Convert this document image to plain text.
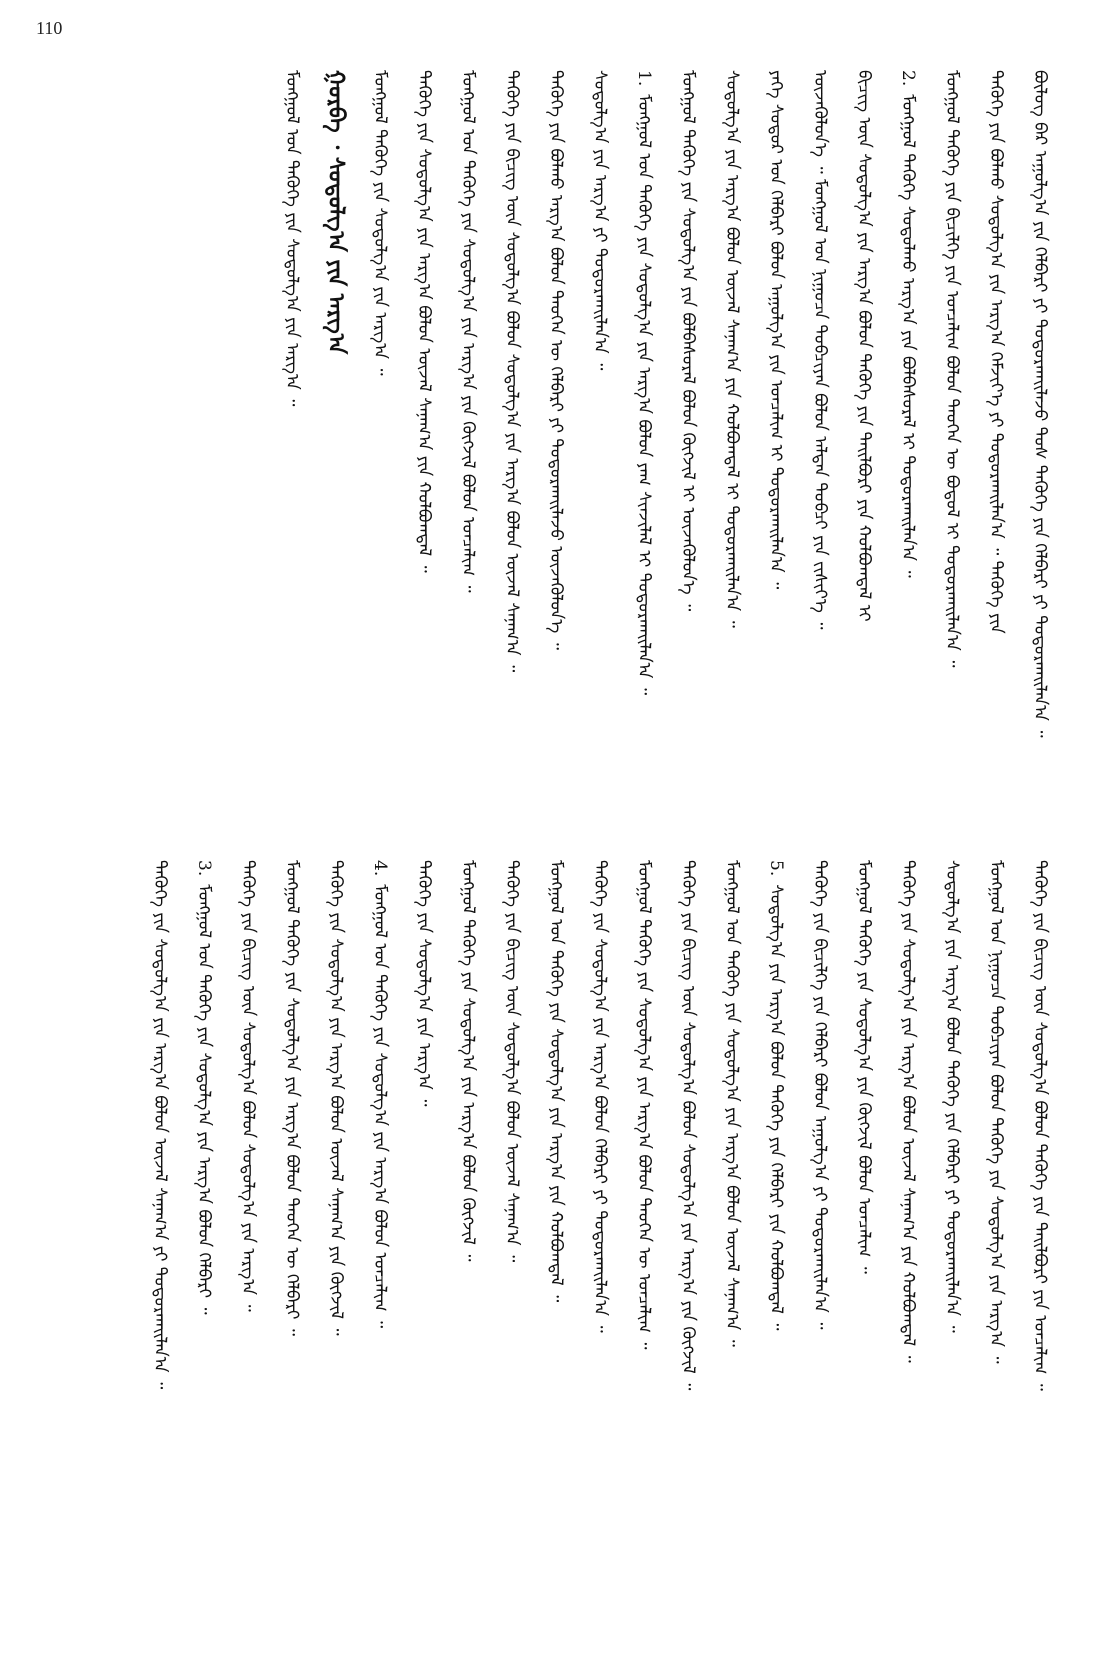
110
ᠪᠦᠯᠦᠭ ᠪᠠᠷ ᠠᠭᠤᠯᠭ᠎ᠠ ᠶᠢᠨ ᠬᠡᠯᠪᠡᠷᠢ ᠶᠢ ᠲᠣᠳᠣᠷᠬᠠᠢᠯᠠᠵᠤ ᠲᠤᠰ ᠲᠡᠭᠦᠬᠡ ᠶᠢᠨ ᠬᠡᠯᠪᠡᠷᠢ ᠶᠢ ᠲᠣᠳᠣᠷᠬᠠᠢᠯᠠᠨ᠎ᠠ ᠃
ᠲᠡᠭᠦᠬᠡ ᠶᠢᠨ ᠪᠣᠯᠬᠣ ᠰᠤᠳᠤᠯᠭ᠎ᠠ ᠶᠢᠨ ᠠᠷᠭ᠎ᠠ ᠬᠡᠮᠵᠢᠶ᠎ᠡ ᠶᠢ ᠲᠣᠳᠣᠷᠬᠠᠢᠯᠠᠨ᠎ᠠ ᠃ ᠲᠡᠭᠦᠬᠡ ᠶᠢᠨ
ᠮᠣᠩᠭᠣᠯ ᠲᠡᠭᠦᠬᠡ ᠶᠢᠨ ᠪᠢᠴᠢᠯᠭᠡ ᠶᠢᠨ ᠣᠨᠴᠠᠯᠢᠭ ᠪᠣᠯᠤᠨ ᠲᠡᠦᠬᠡᠨ ᠦ ᠪᠣᠳᠤᠯ ᠢ ᠲᠣᠳᠣᠷᠬᠠᠢᠯᠠᠨ᠎ᠠ ᠃
2.ᠮᠣᠩᠭᠣᠯ ᠲᠡᠭᠦᠬᠡ ᠰᠤᠳᠤᠯᠬᠤ ᠠᠷᠭ᠎ᠠ ᠶᠢᠨ ᠪᠣᠯᠪᠠᠰᠤᠷᠠᠯ ᠢ ᠲᠣᠳᠣᠷᠬᠠᠢᠯᠠᠨ᠎ᠠ ᠃
ᠪᠢᠴᠢᠭ ᠦᠨ ᠰᠤᠳᠤᠯᠭ᠎ᠠ ᠶᠢᠨ ᠠᠷᠭ᠎ᠠ ᠪᠣᠯᠤᠨ ᠲᠡᠭᠦᠬᠡ ᠶᠢᠨ ᠲᠠᠢᠯᠪᠤᠷᠢ ᠶᠢᠨ ᠬᠣᠯᠪᠣᠭᠳᠠᠯ ᠢ
ᠦᠵᠡᠭᠦᠯᠦᠨ᠎ᠡ ᠃ ᠮᠣᠩᠭᠣᠯ ᠤᠨ ᠨᠢᠭᠤᠴᠠ ᠲᠣᠪᠴᠢᠶᠠᠨ ᠪᠣᠯᠤᠨ ᠠᠯᠲᠠᠨ ᠲᠣᠪᠴᠢ ᠶᠢᠨ ᠵᠢᠱᠢᠶ᠎ᠡ ᠃
ᠶᠡᠬᠡ ᠰᠤᠳᠤᠷ ᠤᠨ ᠬᠡᠯᠪᠡᠷᠢ ᠪᠣᠯᠤᠨ ᠠᠭᠤᠯᠭ᠎ᠠ ᠶᠢᠨ ᠣᠨᠴᠠᠯᠢᠭ ᠢ ᠲᠣᠳᠣᠷᠬᠠᠢᠯᠠᠨ᠎ᠠ ᠃
ᠰᠤᠳᠤᠯᠭ᠎ᠠ ᠶᠢᠨ ᠠᠷᠭ᠎ᠠ ᠪᠣᠯᠤᠨ ᠦᠵᠡᠯ ᠰᠠᠨᠠᠭ᠎ᠠ ᠶᠢᠨ ᠬᠣᠯᠪᠣᠭᠳᠠᠯ ᠢ ᠲᠣᠳᠣᠷᠬᠠᠢᠯᠠᠨ᠎ᠠ ᠃
ᠮᠣᠩᠭᠣᠯ ᠲᠡᠭᠦᠬᠡ ᠶᠢᠨ ᠰᠤᠳᠤᠯᠭ᠎ᠠ ᠶᠢᠨ ᠪᠣᠯᠪᠠᠰᠤᠷᠠᠯ ᠪᠣᠯᠤᠨ ᠬᠦᠭᠵᠢᠯ ᠢ ᠦᠵᠡᠭᠦᠯᠦᠨ᠎ᠡ ᠃
1.ᠮᠣᠩᠭᠣᠯ ᠤᠨ ᠲᠡᠭᠦᠬᠡ ᠶᠢᠨ ᠰᠤᠳᠤᠯᠭ᠎ᠠ ᠶᠢᠨ ᠠᠷᠭ᠎ᠠ ᠪᠣᠯᠤᠨ ᠶᠠᠭ ᠰᠢᠨᠵᠢᠯᠡᠯ ᠢ ᠲᠣᠳᠣᠷᠬᠠᠢᠯᠠᠨ᠎ᠠ ᠃
ᠰᠤᠳᠤᠯᠭ᠎ᠠ ᠶᠢᠨ ᠠᠷᠭ᠎ᠠ ᠶᠢ ᠲᠣᠳᠣᠷᠬᠠᠢᠯᠠᠨ᠎ᠠ ᠃
ᠲᠡᠭᠦᠬᠡ ᠶᠢᠨ ᠪᠣᠯᠬᠤ ᠠᠷᠭ᠎ᠠ ᠪᠣᠯᠤᠨ ᠲᠡᠦᠬᠡᠨ ᠦ ᠬᠡᠯᠪᠡᠷᠢ ᠶᠢ ᠲᠣᠳᠣᠷᠬᠠᠢᠯᠠᠵᠤ ᠦᠵᠡᠭᠦᠯᠦᠨ᠎ᠡ ᠃
ᠲᠡᠭᠦᠬᠡ ᠶᠢᠨ ᠪᠢᠴᠢᠭ ᠦᠨ ᠰᠤᠳᠤᠯᠭ᠎ᠠ ᠪᠣᠯᠤᠨ ᠰᠤᠳᠤᠯᠭ᠎ᠠ ᠶᠢᠨ ᠠᠷᠭ᠎ᠠ ᠪᠣᠯᠤᠨ ᠦᠵᠡᠯ ᠰᠠᠨᠠᠭ᠎ᠠ ᠃
ᠮᠣᠩᠭᠣᠯ ᠤᠨ ᠲᠡᠭᠦᠬᠡ ᠶᠢᠨ ᠰᠤᠳᠤᠯᠭ᠎ᠠ ᠶᠢᠨ ᠠᠷᠭ᠎ᠠ ᠶᠢᠨ ᠬᠦᠭᠵᠢᠯ ᠪᠣᠯᠤᠨ ᠣᠨᠴᠠᠯᠢᠭ ᠃
ᠲᠡᠭᠦᠬᠡ ᠶᠢᠨ ᠰᠤᠳᠤᠯᠭ᠎ᠠ ᠶᠢᠨ ᠠᠷᠭ᠎ᠠ ᠪᠣᠯᠤᠨ ᠦᠵᠡᠯ ᠰᠠᠨᠠᠭ᠎ᠠ ᠶᠢᠨ ᠬᠣᠯᠪᠣᠭᠳᠠᠯ ᠃
ᠮᠣᠩᠭᠣᠯ ᠲᠡᠭᠦᠬᠡ ᠶᠢᠨ ᠰᠤᠳᠤᠯᠭ᠎ᠠ ᠶᠢᠨ ᠠᠷᠭ᠎ᠠ ᠃
ᠭᠤᠷᠪᠠ ᠂ ᠰᠤᠳᠤᠯᠭ᠎ᠠ ᠶᠢᠨ ᠠᠷᠭ᠎ᠠ
ᠮᠣᠩᠭᠣᠯ ᠤᠨ ᠲᠡᠭᠦᠬᠡ ᠶᠢᠨ ᠰᠤᠳᠤᠯᠭ᠎ᠠ ᠶᠢᠨ ᠠᠷᠭ᠎ᠠ ᠃
ᠲᠡᠭᠦᠬᠡ ᠶᠢᠨ ᠪᠢᠴᠢᠭ ᠦᠨ ᠰᠤᠳᠤᠯᠭ᠎ᠠ ᠪᠣᠯᠤᠨ ᠲᠡᠭᠦᠬᠡ ᠶᠢᠨ ᠲᠠᠢᠯᠪᠤᠷᠢ ᠶᠢᠨ ᠣᠨᠴᠠᠯᠢᠭ ᠃
ᠮᠣᠩᠭᠣᠯ ᠤᠨ ᠨᠢᠭᠤᠴᠠ ᠲᠣᠪᠴᠢᠶᠠᠨ ᠪᠣᠯᠤᠨ ᠲᠡᠭᠦᠬᠡ ᠶᠢᠨ ᠰᠤᠳᠤᠯᠭ᠎ᠠ ᠶᠢᠨ ᠠᠷᠭ᠎ᠠ ᠃
ᠰᠤᠳᠤᠯᠭ᠎ᠠ ᠶᠢᠨ ᠠᠷᠭ᠎ᠠ ᠪᠣᠯᠤᠨ ᠲᠡᠭᠦᠬᠡ ᠶᠢᠨ ᠬᠡᠯᠪᠡᠷᠢ ᠶᠢ ᠲᠣᠳᠣᠷᠬᠠᠢᠯᠠᠨ᠎ᠠ ᠃
ᠲᠡᠭᠦᠬᠡ ᠶᠢᠨ ᠰᠤᠳᠤᠯᠭ᠎ᠠ ᠶᠢᠨ ᠠᠷᠭ᠎ᠠ ᠪᠣᠯᠤᠨ ᠦᠵᠡᠯ ᠰᠠᠨᠠᠭ᠎ᠠ ᠶᠢᠨ ᠬᠣᠯᠪᠣᠭᠳᠠᠯ ᠃
ᠮᠣᠩᠭᠣᠯ ᠲᠡᠭᠦᠬᠡ ᠶᠢᠨ ᠰᠤᠳᠤᠯᠭ᠎ᠠ ᠶᠢᠨ ᠬᠦᠭᠵᠢᠯ ᠪᠣᠯᠤᠨ ᠣᠨᠴᠠᠯᠢᠭ ᠃
ᠲᠡᠭᠦᠬᠡ ᠶᠢᠨ ᠪᠢᠴᠢᠯᠭᠡ ᠶᠢᠨ ᠬᠡᠯᠪᠡᠷᠢ ᠪᠣᠯᠤᠨ ᠠᠭᠤᠯᠭ᠎ᠠ ᠶᠢ ᠲᠣᠳᠣᠷᠬᠠᠢᠯᠠᠨ᠎ᠠ ᠃
5.ᠰᠤᠳᠤᠯᠭ᠎ᠠ ᠶᠢᠨ ᠠᠷᠭ᠎ᠠ ᠪᠣᠯᠤᠨ ᠲᠡᠭᠦᠬᠡ ᠶᠢᠨ ᠬᠡᠯᠪᠡᠷᠢ ᠶᠢᠨ ᠬᠣᠯᠪᠣᠭᠳᠠᠯ ᠃
ᠮᠣᠩᠭᠣᠯ ᠤᠨ ᠲᠡᠭᠦᠬᠡ ᠶᠢᠨ ᠰᠤᠳᠤᠯᠭ᠎ᠠ ᠶᠢᠨ ᠠᠷᠭ᠎ᠠ ᠪᠣᠯᠤᠨ ᠦᠵᠡᠯ ᠰᠠᠨᠠᠭ᠎ᠠ ᠃
ᠲᠡᠭᠦᠬᠡ ᠶᠢᠨ ᠪᠢᠴᠢᠭ ᠦᠨ ᠰᠤᠳᠤᠯᠭ᠎ᠠ ᠪᠣᠯᠤᠨ ᠰᠤᠳᠤᠯᠭ᠎ᠠ ᠶᠢᠨ ᠠᠷᠭ᠎ᠠ ᠶᠢᠨ ᠬᠦᠭᠵᠢᠯ ᠃
ᠮᠣᠩᠭᠣᠯ ᠲᠡᠭᠦᠬᠡ ᠶᠢᠨ ᠰᠤᠳᠤᠯᠭ᠎ᠠ ᠶᠢᠨ ᠠᠷᠭ᠎ᠠ ᠪᠣᠯᠤᠨ ᠲᠡᠦᠬᠡᠨ ᠦ ᠣᠨᠴᠠᠯᠢᠭ ᠃
ᠲᠡᠭᠦᠬᠡ ᠶᠢᠨ ᠰᠤᠳᠤᠯᠭ᠎ᠠ ᠶᠢᠨ ᠠᠷᠭ᠎ᠠ ᠪᠣᠯᠤᠨ ᠬᠡᠯᠪᠡᠷᠢ ᠶᠢ ᠲᠣᠳᠣᠷᠬᠠᠢᠯᠠᠨ᠎ᠠ ᠃
ᠮᠣᠩᠭᠣᠯ ᠤᠨ ᠲᠡᠭᠦᠬᠡ ᠶᠢᠨ ᠰᠤᠳᠤᠯᠭ᠎ᠠ ᠶᠢᠨ ᠠᠷᠭ᠎ᠠ ᠶᠢᠨ ᠬᠣᠯᠪᠣᠭᠳᠠᠯ ᠃
ᠲᠡᠭᠦᠬᠡ ᠶᠢᠨ ᠪᠢᠴᠢᠭ ᠦᠨ ᠰᠤᠳᠤᠯᠭ᠎ᠠ ᠪᠣᠯᠤᠨ ᠦᠵᠡᠯ ᠰᠠᠨᠠᠭ᠎ᠠ ᠃
ᠮᠣᠩᠭᠣᠯ ᠲᠡᠭᠦᠬᠡ ᠶᠢᠨ ᠰᠤᠳᠤᠯᠭ᠎ᠠ ᠶᠢᠨ ᠠᠷᠭ᠎ᠠ ᠪᠣᠯᠤᠨ ᠬᠦᠭᠵᠢᠯ ᠃
ᠲᠡᠭᠦᠬᠡ ᠶᠢᠨ ᠰᠤᠳᠤᠯᠭ᠎ᠠ ᠶᠢᠨ ᠠᠷᠭ᠎ᠠ ᠃
4.ᠮᠣᠩᠭᠣᠯ ᠤᠨ ᠲᠡᠭᠦᠬᠡ ᠶᠢᠨ ᠰᠤᠳᠤᠯᠭ᠎ᠠ ᠶᠢᠨ ᠠᠷᠭ᠎ᠠ ᠪᠣᠯᠤᠨ ᠣᠨᠴᠠᠯᠢᠭ ᠃
ᠲᠡᠭᠦᠬᠡ ᠶᠢᠨ ᠰᠤᠳᠤᠯᠭ᠎ᠠ ᠶᠢᠨ ᠠᠷᠭ᠎ᠠ ᠪᠣᠯᠤᠨ ᠦᠵᠡᠯ ᠰᠠᠨᠠᠭ᠎ᠠ ᠶᠢᠨ ᠬᠦᠭᠵᠢᠯ ᠃
ᠮᠣᠩᠭᠣᠯ ᠲᠡᠭᠦᠬᠡ ᠶᠢᠨ ᠰᠤᠳᠤᠯᠭ᠎ᠠ ᠶᠢᠨ ᠠᠷᠭ᠎ᠠ ᠪᠣᠯᠤᠨ ᠲᠡᠦᠬᠡᠨ ᠦ ᠬᠡᠯᠪᠡᠷᠢ ᠃
ᠲᠡᠭᠦᠬᠡ ᠶᠢᠨ ᠪᠢᠴᠢᠭ ᠦᠨ ᠰᠤᠳᠤᠯᠭ᠎ᠠ ᠪᠣᠯᠤᠨ ᠰᠤᠳᠤᠯᠭ᠎ᠠ ᠶᠢᠨ ᠠᠷᠭ᠎ᠠ ᠃
3.ᠮᠣᠩᠭᠣᠯ ᠤᠨ ᠲᠡᠭᠦᠬᠡ ᠶᠢᠨ ᠰᠤᠳᠤᠯᠭ᠎ᠠ ᠶᠢᠨ ᠠᠷᠭ᠎ᠠ ᠪᠣᠯᠤᠨ ᠬᠡᠯᠪᠡᠷᠢ ᠃
ᠲᠡᠭᠦᠬᠡ ᠶᠢᠨ ᠰᠤᠳᠤᠯᠭ᠎ᠠ ᠶᠢᠨ ᠠᠷᠭ᠎ᠠ ᠪᠣᠯᠤᠨ ᠦᠵᠡᠯ ᠰᠠᠨᠠᠭ᠎ᠠ ᠶᠢ ᠲᠣᠳᠣᠷᠬᠠᠢᠯᠠᠨ᠎ᠠ ᠃
